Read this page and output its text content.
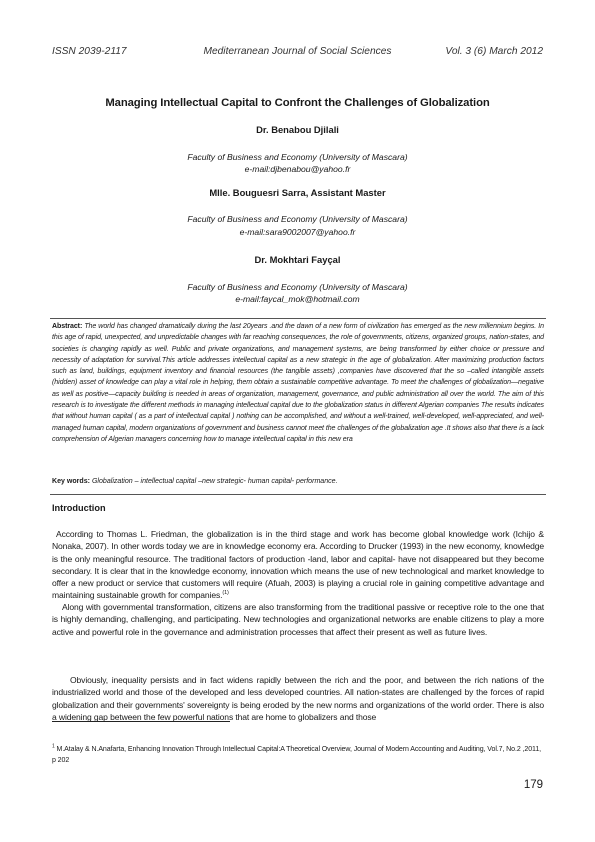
ISSN 2039-2117	Mediterranean Journal of Social Sciences	Vol. 3 (6) March 2012
Managing Intellectual Capital to Confront the Challenges of Globalization
Dr. Benabou Djilali
Faculty of Business and Economy (University of Mascara)
e-mail:djbenabou@yahoo.fr
Mlle. Bouguesri Sarra, Assistant Master
Faculty of Business and Economy (University of Mascara)
e-mail:sara9002007@yahoo.fr
Dr. Mokhtari Fayçal
Faculty of Business and Economy (University of Mascara)
e-mail:faycal_mok@hotmail.com
Abstract: The world has changed dramatically during the last 20years .and the dawn of a new form of civilization has emerged as the new millennium begins. In this age of rapid, unexpected, and unpredictable changes with far reaching consequences, the role of governments, citizens, organized groups, nation-states, and societies is changing rapidly as well. Public and private organizations, and management systems, are being transformed by either choice or pressure and necessity of adaptation for survival.This article addresses intellectual capital as a new strategic in the age of globalization. After maximizing production factors such as land, buildings, equipment inventory and financial resources (the tangible assets) ,companies have discovered that the so –called intangible assets (hidden) asset of knowledge can play a vital role in helping, them obtain a sustainable competitive advantage. To meet the challenges of globalization—negative as well as positive—capacity building is needed in areas of organization, management, governance, and public administration all over the world. The aim of this research is to investigate the different methods in managing intellectual capital due to the globalization status in different Algerian companies The results indicates that without human capital ( as a part of intellectual capital ) nothing can be accomplished, and without a well-trained, well-developed, well-appreciated, and well-managed human capital, modern organizations of government and business cannot meet the challenges of the globalization age .It shows also that there is a lack comprehension of Algerian managers concerning how to manage intellectual capital in this new era
Key words: Globalization – intellectual capital –new strategic- human capital- performance.
Introduction
According to Thomas L. Friedman, the globalization is in the third stage and work has become global knowledge work (Ichijo & Nonaka, 2007). In other words today we are in knowledge economy era. According to Drucker (1993) in the new economy, knowledge is the only meaningful resource. The traditional factors of production -land, labor and capital- have not disappeared but they become secondary. It is clear that in the knowledge economy, innovation which means the use of new technological and market knowledge to offer a new product or service that customers will require (Afuah, 2003) is playing a crucial role in gaining competitive advantage and maintaining sustainable growth for companies.$^{(1)}$
Along with governmental transformation, citizens are also transforming from the traditional passive or receptive role to the one that is highly demanding, challenging, and participating. New technologies and organizational networks are enable citizens to play a more active and powerful role in the governance and administration processes that affect their present as well as future lives.
Obviously, inequality persists and in fact widens rapidly between the rich and the poor, and between the rich nations of the industrialized world and those of the developed and less developed countries. All nation-states are challenged by the forces of rapid globalization and their governments' sovereignty is being eroded by the new norms and organizations of the world order. There is also a widening gap between the few powerful nations that are home to globalizers and those
$^1$ M.Atalay & N.Anafarta, Enhancing Innovation Through Intellectual Capital:A Theoretical Overview, Journal of Modern Accounting and Auditing, Vol.7, No.2 ,2011, p 202
179
